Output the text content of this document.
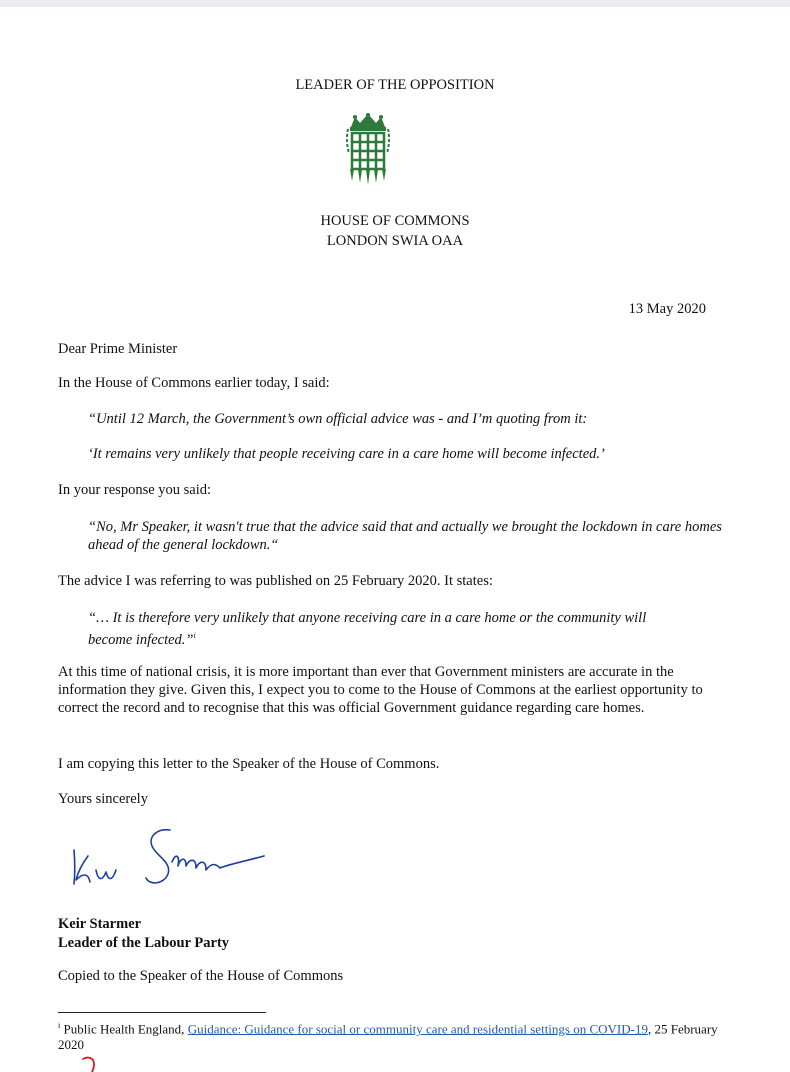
LEADER OF THE OPPOSITION
HOUSE OF COMMONS
LONDON SWIA OAA
13 May 2020
Dear Prime Minister
In the House of Commons earlier today, I said:
“Until 12 March, the Government’s own official advice was - and I’m quoting from it:
‘It remains very unlikely that people receiving care in a care home will become infected.’
In your response you said:
“No, Mr Speaker, it wasn't true that the advice said that and actually we brought the lockdown in care homes ahead of the general lockdown.“
The advice I was referring to was published on 25 February 2020. It states:
“… It is therefore very unlikely that anyone receiving care in a care home or the community will become infected.”$^i$
At this time of national crisis, it is more important than ever that Government ministers are accurate in the information they give. Given this, I expect you to come to the House of Commons at the earliest opportunity to correct the record and to recognise that this was official Government guidance regarding care homes.
I am copying this letter to the Speaker of the House of Commons.
Yours sincerely
Keir Starmer
Leader of the Labour Party
Copied to the Speaker of the House of Commons
$^i$ Public Health England, Guidance: Guidance for social or community care and residential settings on COVID-19, 25 February 2020
